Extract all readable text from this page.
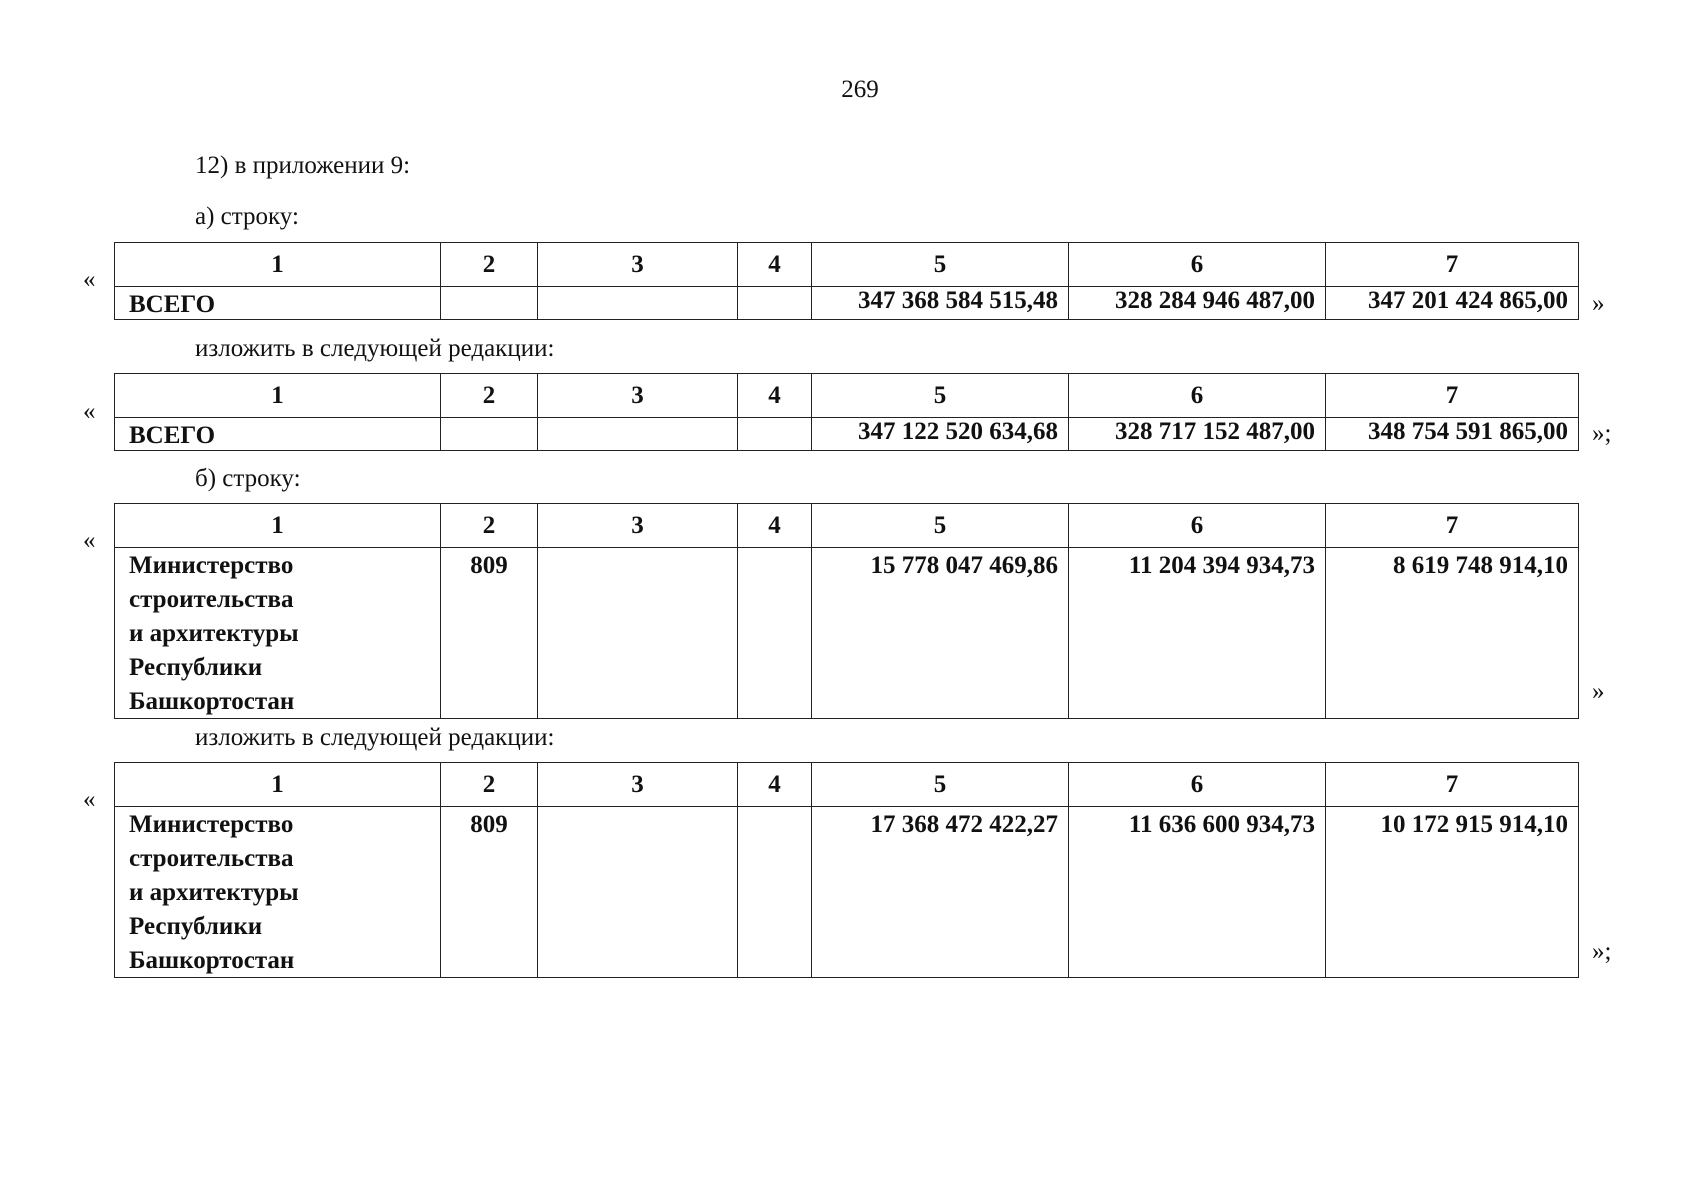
269
12) в приложении 9:
а) строку:
«
1	2	3	4	5	6	7
ВСЕГО				347 368 584 515,48	328 284 946 487,00	347 201 424 865,00 »
изложить в следующей редакции:
«
1	2	3	4	5	6	7
ВСЕГО				347 122 520 634,68	328 717 152 487,00	348 754 591 865,00 »;
б) строку:
«
1	2	3	4	5	6	7

Министерство
строительства
и архитектуры
Республики
Башкортостан	809			15 778 047 469,86	11 204 394 934,73	8 619 748 914,10
»
изложить в следующей редакции:
«
1	2	3	4	5	6	7

Министерство
строительства
и архитектуры
Республики
Башкортостан	809			17 368 472 422,27	11 636 600 934,73	10 172 915 914,10
»;
